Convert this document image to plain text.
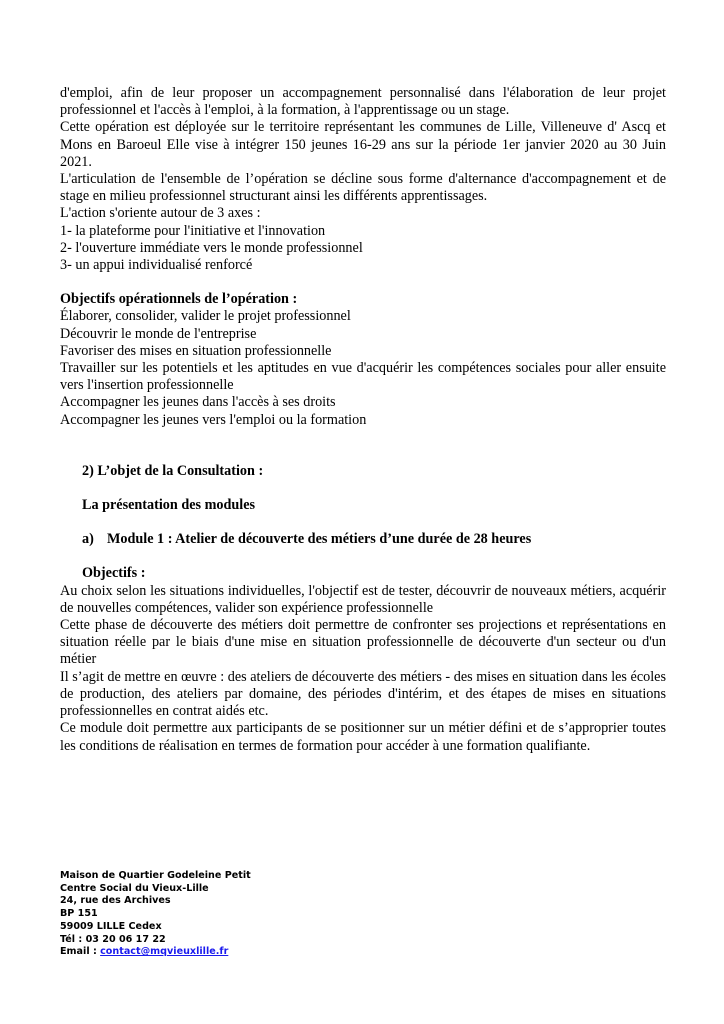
d'emploi, afin de leur proposer un accompagnement personnalisé dans l'élaboration de leur projet professionnel et l'accès à l'emploi, à la formation, à l'apprentissage ou un stage.

Cette opération est déployée sur le territoire représentant les communes de Lille, Villeneuve d' Ascq et Mons en Baroeul Elle vise à intégrer 150 jeunes 16-29 ans sur la période 1er janvier 2020 au 30 Juin 2021.

L'articulation de l'ensemble de l’opération se décline sous forme d'alternance d'accompagnement et de stage en milieu professionnel structurant ainsi les différents apprentissages.

L'action s'oriente autour de 3 axes :

1- la plateforme pour l'initiative et l'innovation

2- l'ouverture immédiate vers le monde professionnel

3- un appui individualisé renforcé

Objectifs opérationnels de l’opération :

Élaborer, consolider, valider le projet professionnel

Découvrir le monde de l'entreprise

Favoriser des mises en situation professionnelle

Travailler sur les potentiels et les aptitudes en vue d'acquérir les compétences sociales pour aller ensuite vers l'insertion professionnelle

Accompagner les jeunes dans l'accès à ses droits

Accompagner les jeunes vers l'emploi ou la formation

2) L’objet de la Consultation :

La présentation des modules

a) Module 1 : Atelier de découverte des métiers d’une durée de 28 heures

Objectifs :

Au choix selon les situations individuelles, l'objectif est de tester, découvrir de nouveaux métiers, acquérir de nouvelles compétences, valider son expérience professionnelle

Cette phase de découverte des métiers doit permettre de confronter ses projections et représentations en situation réelle par le biais d'une mise en situation professionnelle de découverte d'un secteur ou d'un métier

Il s’agit de mettre en œuvre : des ateliers de découverte des métiers - des mises en situation dans les écoles de production, des ateliers par domaine, des périodes d'intérim, et des étapes de mises en situations professionnelles en contrat aidés etc.

Ce module doit permettre aux participants de se positionner sur un métier défini et de s’approprier toutes les conditions de réalisation en termes de formation pour accéder à une formation qualifiante.

Maison de Quartier Godeleine Petit
Centre Social du Vieux-Lille
24, rue des Archives
BP 151
59009 LILLE Cedex
Tél : 03 20 06 17 22
Email : contact@mqvieuxlille.fr
